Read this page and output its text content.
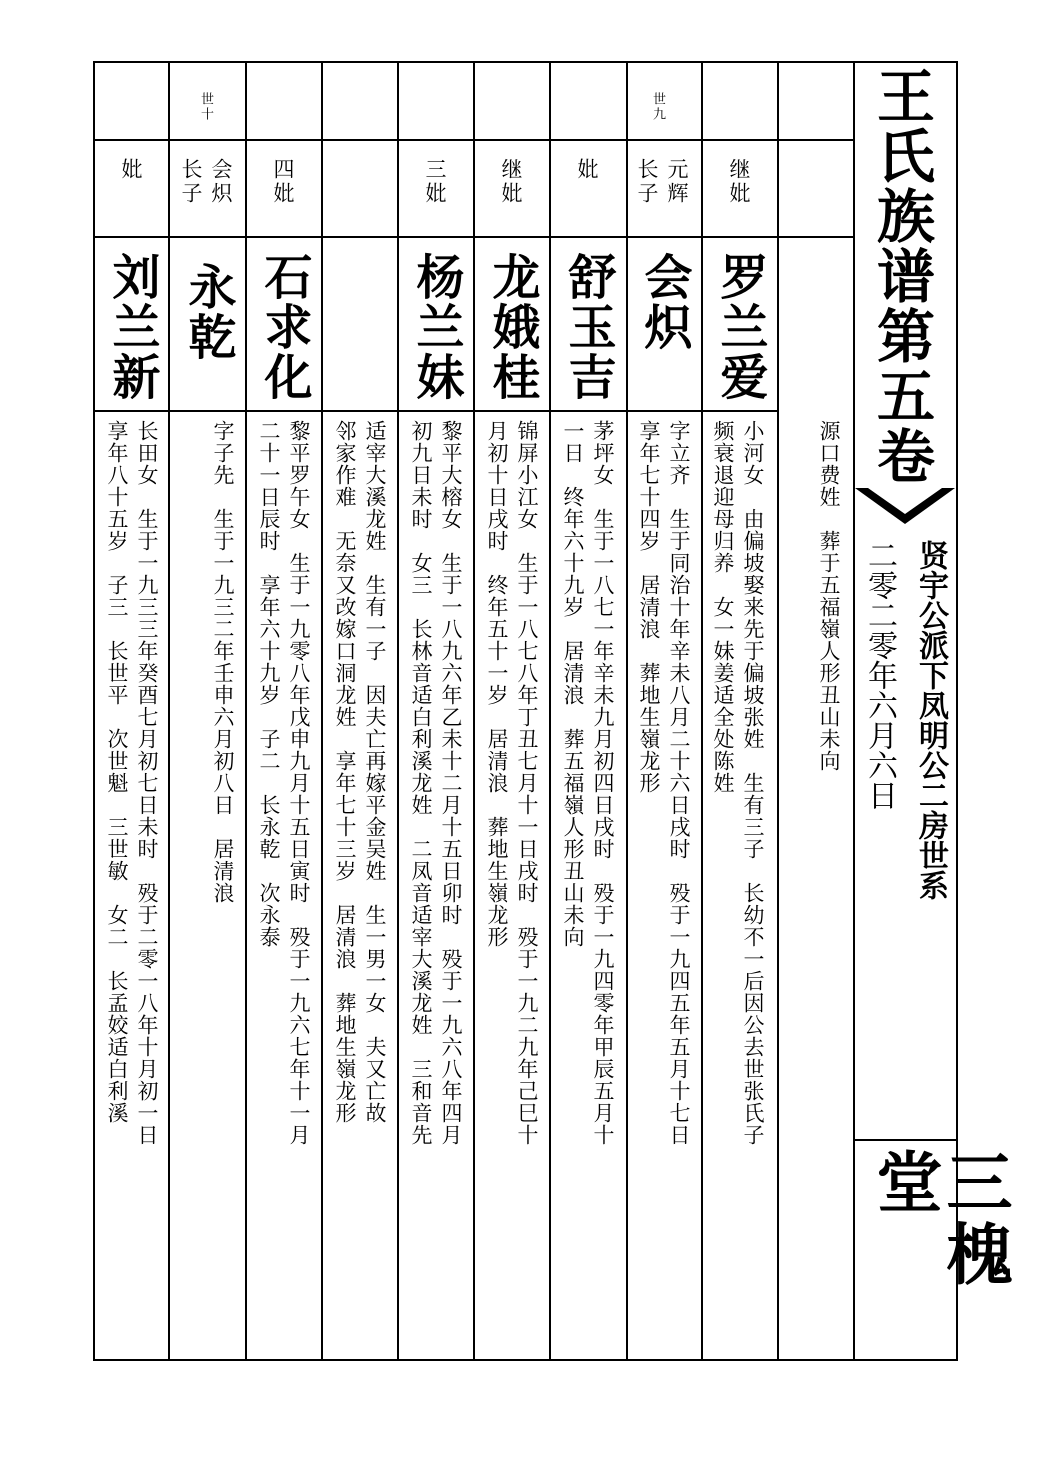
王氏族谱第五卷
贤宇公派下凤明公二房世系
二零二零年六月六日
三槐堂
世十	世九
源口费姓　葬于五福嶺人形丑山未向
继妣
罗兰爱
小河女　由偏坡娶来先于偏坡张姓　生有三子　长幼不一后因公去世张氏子
频衰退迎母归养　女一妹姜适全处陈姓
元辉
长子
会炽
字立齐　生于同治十年辛未八月二十六日戌时　殁于一九四五年五月十七日
享年七十四岁　居清浪　葬地生嶺龙形
妣
舒玉吉
茅坪女　生于一八七一年辛未九月初四日戌时　殁于一九四零年甲辰五月十
一日　终年六十九岁　居清浪　葬五福嶺人形丑山未向
继妣
龙娥桂
锦屏小江女　生于一八七八年丁丑七月十一日戌时　殁于一九二九年己巳十
月初十日戌时　终年五十一岁　居清浪　葬地生嶺龙形
三妣
杨兰妹
黎平大榕女　生于一八九六年乙未十二月十五日卯时　殁于一九六八年四月
初九日未时　女三　长林音适白利溪龙姓　二凤音适宰大溪龙姓　三和音先
适宰大溪龙姓　生有一子　因夫亡再嫁平金吴姓　生一男一女　夫又亡故
邻家作难　无奈又改嫁口洞龙姓　享年七十三岁　居清浪　葬地生嶺龙形
四妣
石求化
黎平罗午女　生于一九零八年戊申九月十五日寅时　殁于一九六七年十一月
二十一日辰时　享年六十九岁　子二　长永乾　次永泰
会炽
长子
永乾
字子先　生于一九三二年壬申六月初八日　居清浪
妣
刘兰新
长田女　生于一九三三年癸酉七月初七日未时　殁于二零一八年十月初一日
享年八十五岁　子三　长世平　次世魁　三世敏　女二　长孟姣适白利溪
